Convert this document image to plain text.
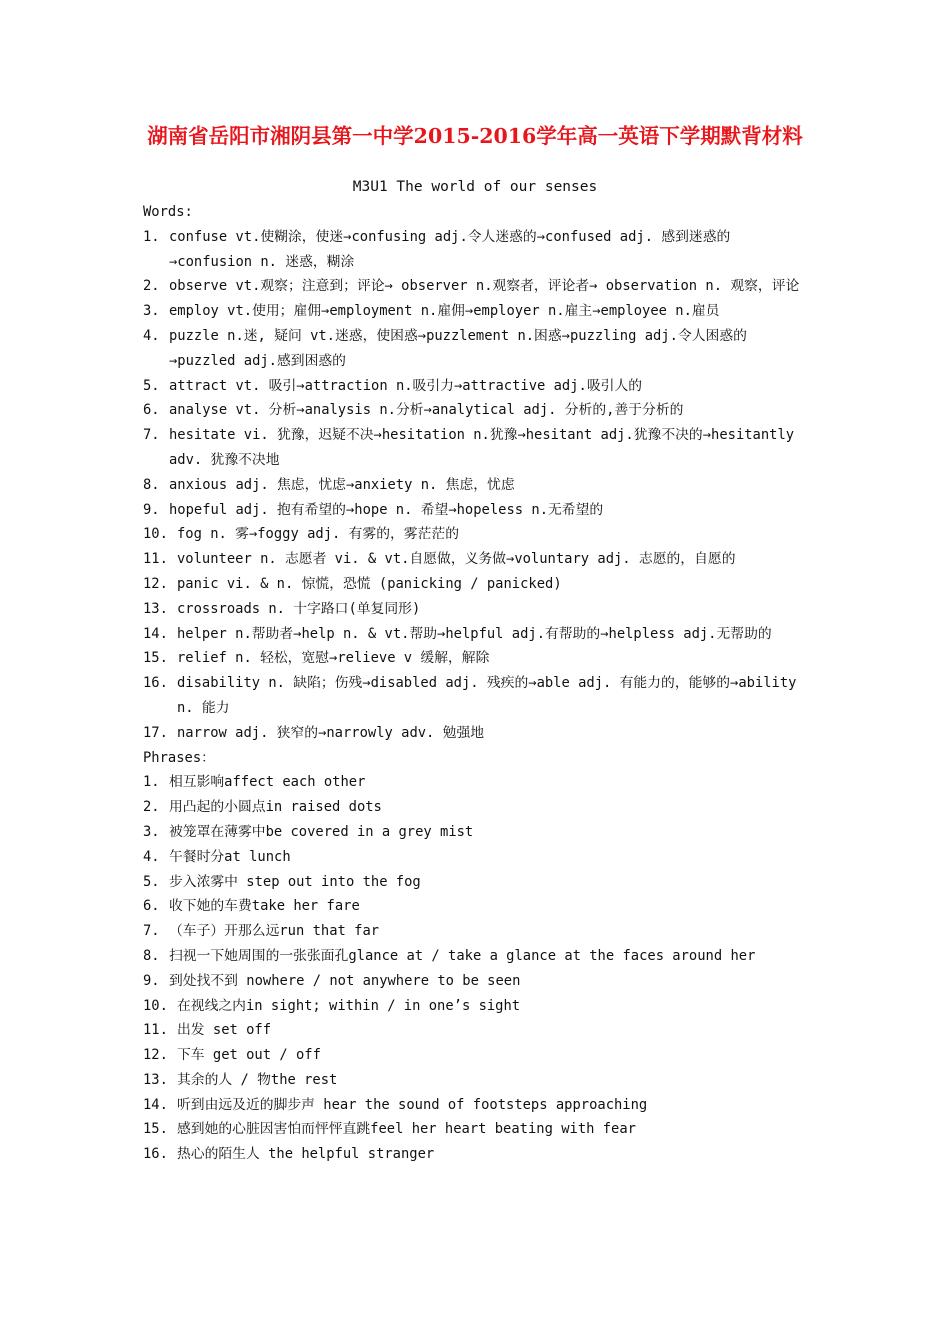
湖南省岳阳市湘阴县第一中学2015-2016学年高一英语下学期默背材料
M3U1 The world of our senses
Words:
1. confuse vt.使糊涂，使迷→confusing adj.令人迷惑的→confused adj. 感到迷惑的→confusion n. 迷惑，糊涂
2. observe vt.观察；注意到；评论→ observer n.观察者，评论者→ observation n. 观察，评论
3. employ vt.使用；雇佣→employment n.雇佣→employer n.雇主→employee n.雇员
4. puzzle n.迷, 疑问 vt.迷惑，使困惑→puzzlement n.困惑→puzzling adj.令人困惑的→puzzled adj.感到困惑的
5. attract vt. 吸引→attraction n.吸引力→attractive adj.吸引人的
6. analyse vt. 分析→analysis n.分析→analytical adj. 分析的,善于分析的
7. hesitate vi. 犹豫，迟疑不决→hesitation n.犹豫→hesitant adj.犹豫不决的→hesitantly adv. 犹豫不决地
8. anxious adj. 焦虑，忧虑→anxiety n. 焦虑，忧虑
9. hopeful adj. 抱有希望的→hope n. 希望→hopeless n.无希望的
10. fog n. 雾→foggy adj. 有雾的，雾茫茫的
11. volunteer n. 志愿者 vi. & vt.自愿做，义务做→voluntary adj. 志愿的，自愿的
12. panic vi. & n. 惊慌，恐慌 (panicking / panicked)
13. crossroads n. 十字路口(单复同形)
14. helper n.帮助者→help n. & vt.帮助→helpful adj.有帮助的→helpless adj.无帮助的
15. relief n. 轻松，宽慰→relieve v 缓解，解除
16. disability n. 缺陷；伤残→disabled adj. 残疾的→able adj. 有能力的，能够的→ability n. 能力
17. narrow adj. 狭窄的→narrowly adv. 勉强地
Phrases：
1. 相互影响affect each other
2. 用凸起的小圆点in raised dots
3. 被笼罩在薄雾中be covered in a grey mist
4. 午餐时分at lunch
5. 步入浓雾中 step out into the fog
6. 收下她的车费take her fare
7. （车子）开那么远run that far
8. 扫视一下她周围的一张张面孔glance at / take a glance at the faces around her
9. 到处找不到 nowhere / not anywhere to be seen
10. 在视线之内in sight; within / in one’s sight
11. 出发 set off
12. 下车 get out / off
13. 其余的人 / 物the rest
14. 听到由远及近的脚步声 hear the sound of footsteps approaching
15. 感到她的心脏因害怕而怦怦直跳feel her heart beating with fear
16. 热心的陌生人 the helpful stranger
